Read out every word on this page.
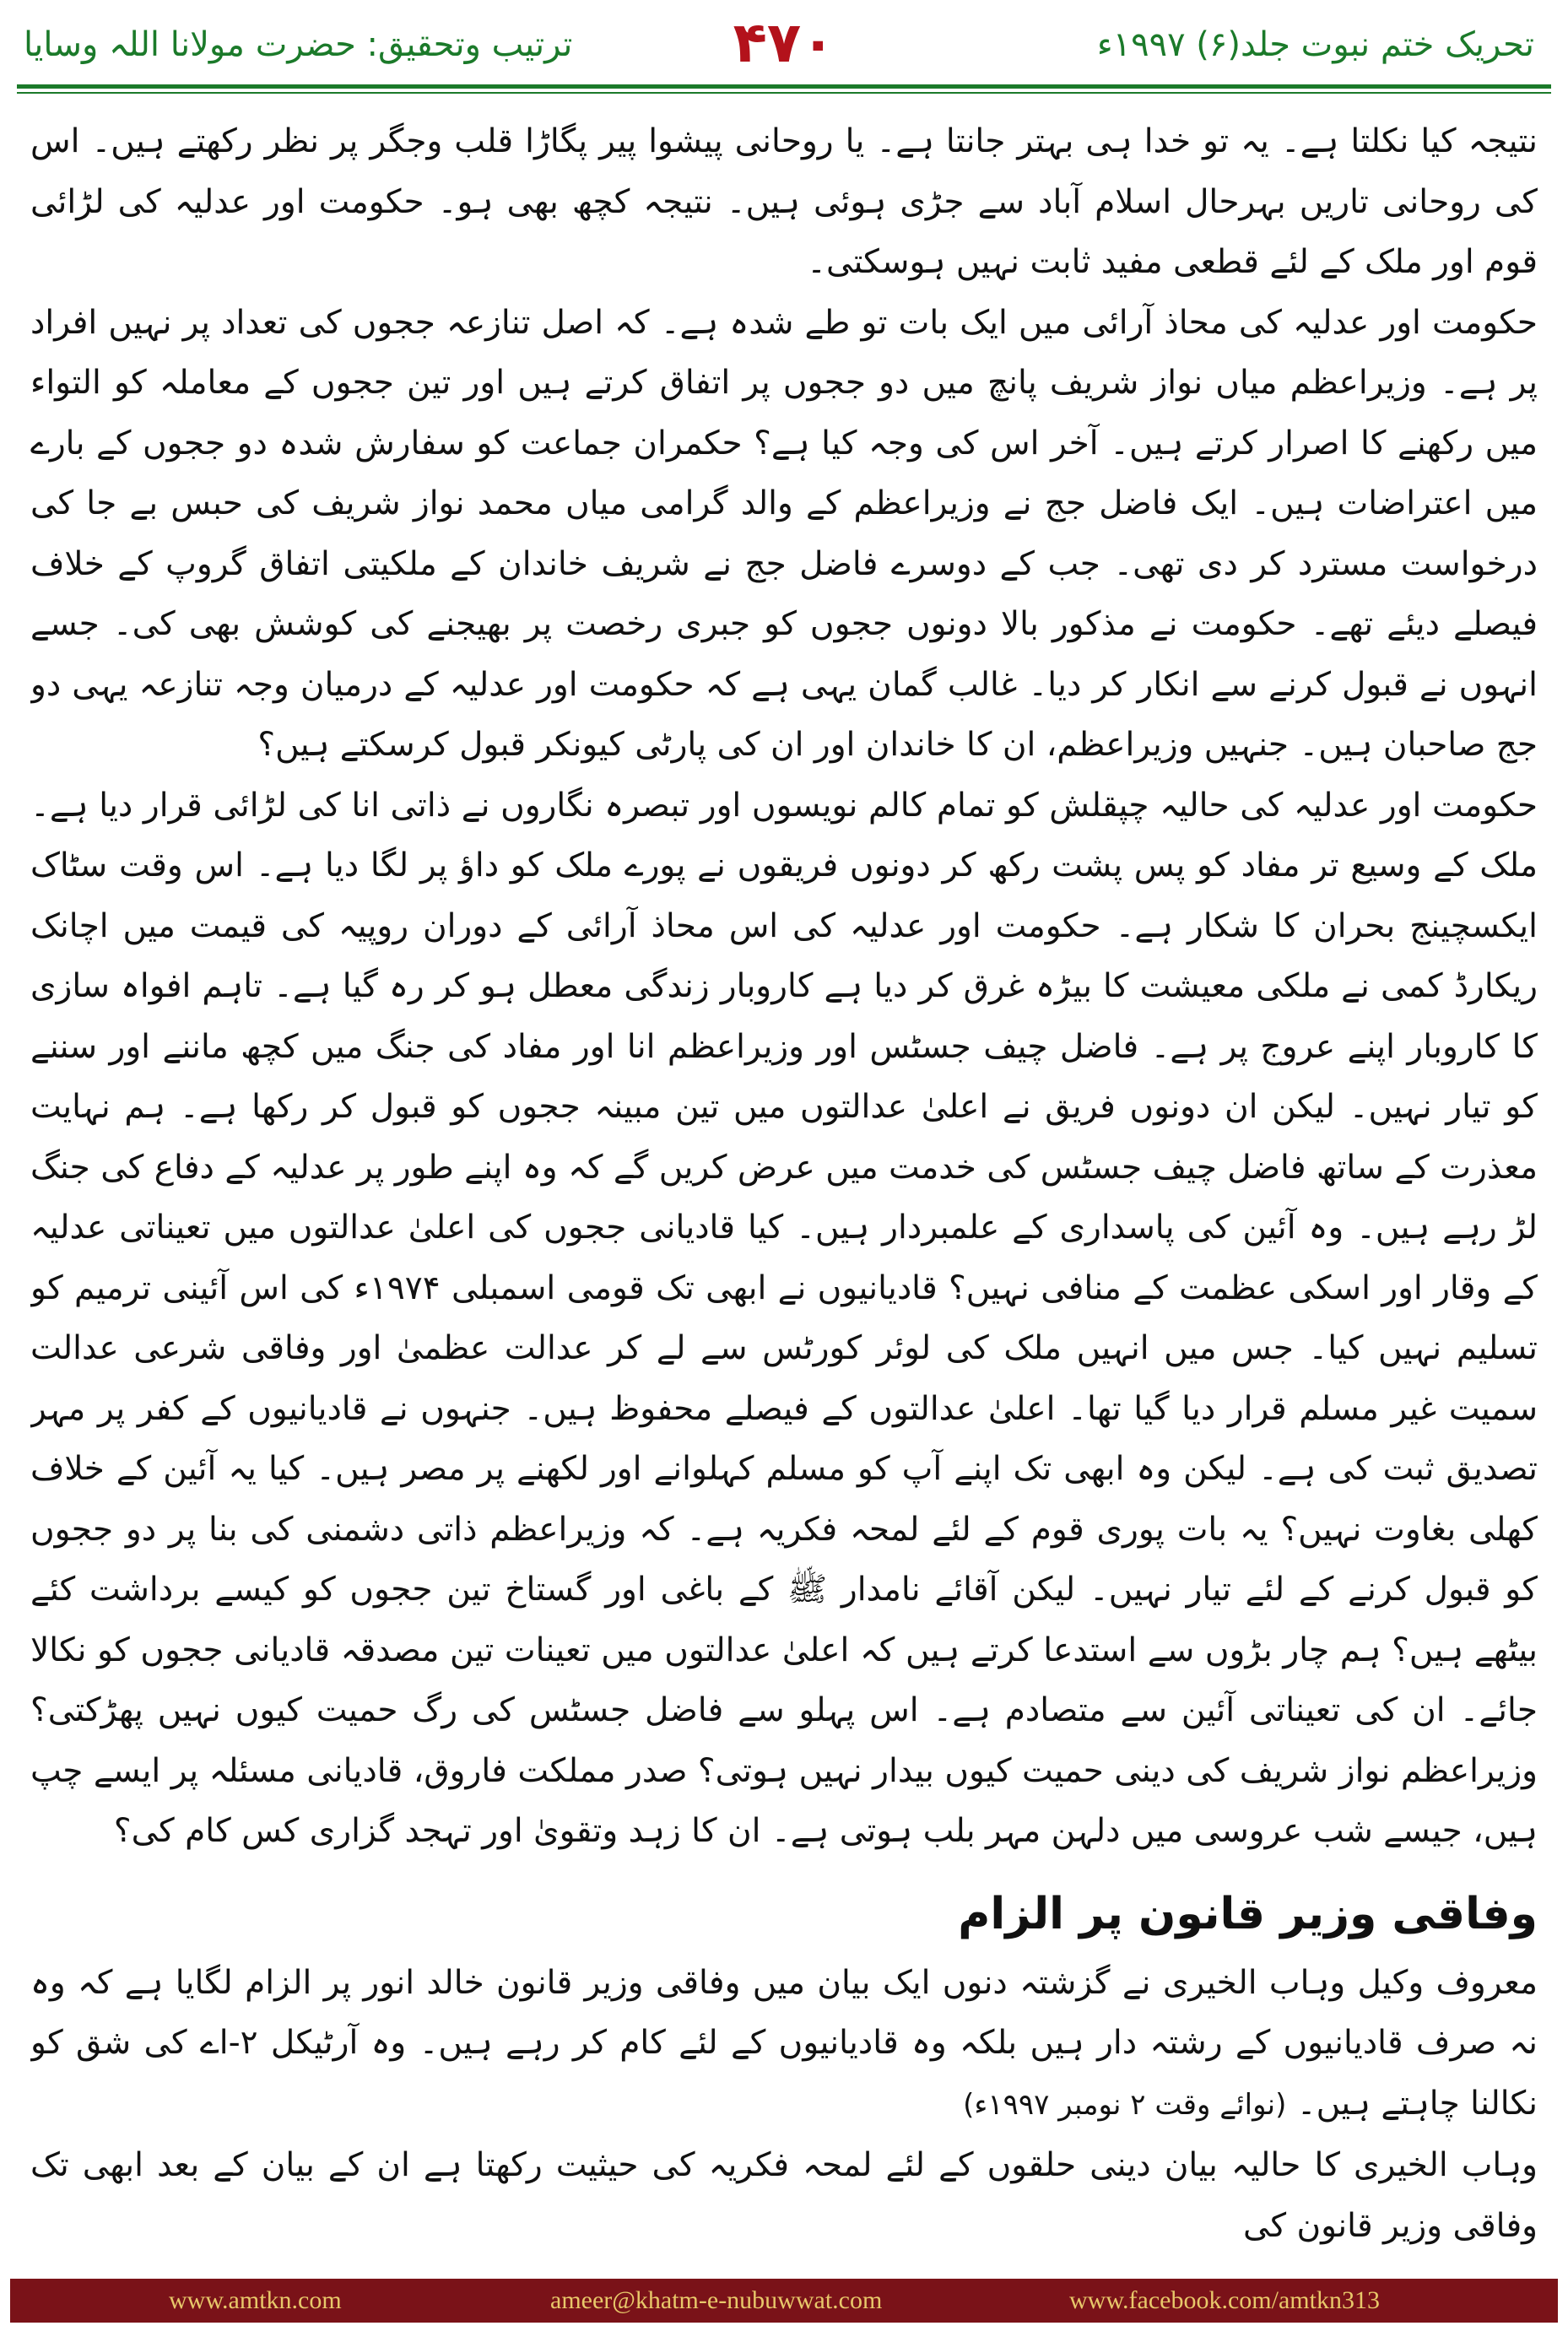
ترتیب وتحقیق: حضرت مولانا اللہ وسایا	۴۷۰	تحریک ختم نبوت جلد(۶) ۱۹۹۷ء

نتیجہ کیا نکلتا ہے۔ یہ تو خدا ہی بہتر جانتا ہے۔ یا روحانی پیشوا پیر پگاڑا قلب وجگر پر نظر رکھتے ہیں۔ اس کی روحانی تاریں بہرحال اسلام آباد سے جڑی ہوئی ہیں۔ نتیجہ کچھ بھی ہو۔ حکومت اور عدلیہ کی لڑائی قوم اور ملک کے لئے قطعی مفید ثابت نہیں ہوسکتی۔

حکومت اور عدلیہ کی محاذ آرائی میں ایک بات تو طے شدہ ہے۔ کہ اصل تنازعہ ججوں کی تعداد پر نہیں افراد پر ہے۔ وزیراعظم میاں نواز شریف پانچ میں دو ججوں پر اتفاق کرتے ہیں اور تین ججوں کے معاملہ کو التواء میں رکھنے کا اصرار کرتے ہیں۔ آخر اس کی وجہ کیا ہے؟ حکمران جماعت کو سفارش شدہ دو ججوں کے بارے میں اعتراضات ہیں۔ ایک فاضل جج نے وزیراعظم کے والد گرامی میاں محمد نواز شریف کی حبس بے جا کی درخواست مسترد کر دی تھی۔ جب کے دوسرے فاضل جج نے شریف خاندان کے ملکیتی اتفاق گروپ کے خلاف فیصلے دیئے تھے۔ حکومت نے مذکور بالا دونوں ججوں کو جبری رخصت پر بھیجنے کی کوشش بھی کی۔ جسے انہوں نے قبول کرنے سے انکار کر دیا۔ غالب گمان یہی ہے کہ حکومت اور عدلیہ کے درمیان وجہ تنازعہ یہی دو جج صاحبان ہیں۔ جنہیں وزیراعظم، ان کا خاندان اور ان کی پارٹی کیونکر قبول کرسکتے ہیں؟

حکومت اور عدلیہ کی حالیہ چپقلش کو تمام کالم نویسوں اور تبصرہ نگاروں نے ذاتی انا کی لڑائی قرار دیا ہے۔ ملک کے وسیع تر مفاد کو پس پشت رکھ کر دونوں فریقوں نے پورے ملک کو داؤ پر لگا دیا ہے۔ اس وقت سٹاک ایکسچینج بحران کا شکار ہے۔ حکومت اور عدلیہ کی اس محاذ آرائی کے دوران روپیہ کی قیمت میں اچانک ریکارڈ کمی نے ملکی معیشت کا بیڑہ غرق کر دیا ہے کاروبار زندگی معطل ہو کر رہ گیا ہے۔ تاہم افواہ سازی کا کاروبار اپنے عروج پر ہے۔ فاضل چیف جسٹس اور وزیراعظم انا اور مفاد کی جنگ میں کچھ ماننے اور سننے کو تیار نہیں۔ لیکن ان دونوں فریق نے اعلیٰ عدالتوں میں تین مبینہ ججوں کو قبول کر رکھا ہے۔ ہم نہایت معذرت کے ساتھ فاضل چیف جسٹس کی خدمت میں عرض کریں گے کہ وہ اپنے طور پر عدلیہ کے دفاع کی جنگ لڑ رہے ہیں۔ وہ آئین کی پاسداری کے علمبردار ہیں۔ کیا قادیانی ججوں کی اعلیٰ عدالتوں میں تعیناتی عدلیہ کے وقار اور اسکی عظمت کے منافی نہیں؟ قادیانیوں نے ابھی تک قومی اسمبلی ۱۹۷۴ء کی اس آئینی ترمیم کو تسلیم نہیں کیا۔ جس میں انہیں ملک کی لوئر کورٹس سے لے کر عدالت عظمیٰ اور وفاقی شرعی عدالت سمیت غیر مسلم قرار دیا گیا تھا۔ اعلیٰ عدالتوں کے فیصلے محفوظ ہیں۔ جنہوں نے قادیانیوں کے کفر پر مہر تصدیق ثبت کی ہے۔ لیکن وہ ابھی تک اپنے آپ کو مسلم کہلوانے اور لکھنے پر مصر ہیں۔ کیا یہ آئین کے خلاف کھلی بغاوت نہیں؟ یہ بات پوری قوم کے لئے لمحہ فکریہ ہے۔ کہ وزیراعظم ذاتی دشمنی کی بنا پر دو ججوں کو قبول کرنے کے لئے تیار نہیں۔ لیکن آقائے نامدار ﷺ کے باغی اور گستاخ تین ججوں کو کیسے برداشت کئے بیٹھے ہیں؟ ہم چار بڑوں سے استدعا کرتے ہیں کہ اعلیٰ عدالتوں میں تعینات تین مصدقہ قادیانی ججوں کو نکالا جائے۔ ان کی تعیناتی آئین سے متصادم ہے۔ اس پہلو سے فاضل جسٹس کی رگ حمیت کیوں نہیں پھڑکتی؟ وزیراعظم نواز شریف کی دینی حمیت کیوں بیدار نہیں ہوتی؟ صدر مملکت فاروق، قادیانی مسئلہ پر ایسے چپ ہیں، جیسے شب عروسی میں دلہن مہر بلب ہوتی ہے۔ ان کا زہد وتقویٰ اور تہجد گزاری کس کام کی؟

وفاقی وزیر قانون پر الزام

معروف وکیل وہاب الخیری نے گزشتہ دنوں ایک بیان میں وفاقی وزیر قانون خالد انور پر الزام لگایا ہے کہ وہ نہ صرف قادیانیوں کے رشتہ دار ہیں بلکہ وہ قادیانیوں کے لئے کام کر رہے ہیں۔ وہ آرٹیکل ۲-اے کی شق کو نکالنا چاہتے ہیں۔ (نوائے وقت ۲ نومبر ۱۹۹۷ء)

وہاب الخیری کا حالیہ بیان دینی حلقوں کے لئے لمحہ فکریہ کی حیثیت رکھتا ہے ان کے بیان کے بعد ابھی تک وفاقی وزیر قانون کی

www.amtkn.com	ameer@khatm-e-nubuwwat.com	www.facebook.com/amtkn313
